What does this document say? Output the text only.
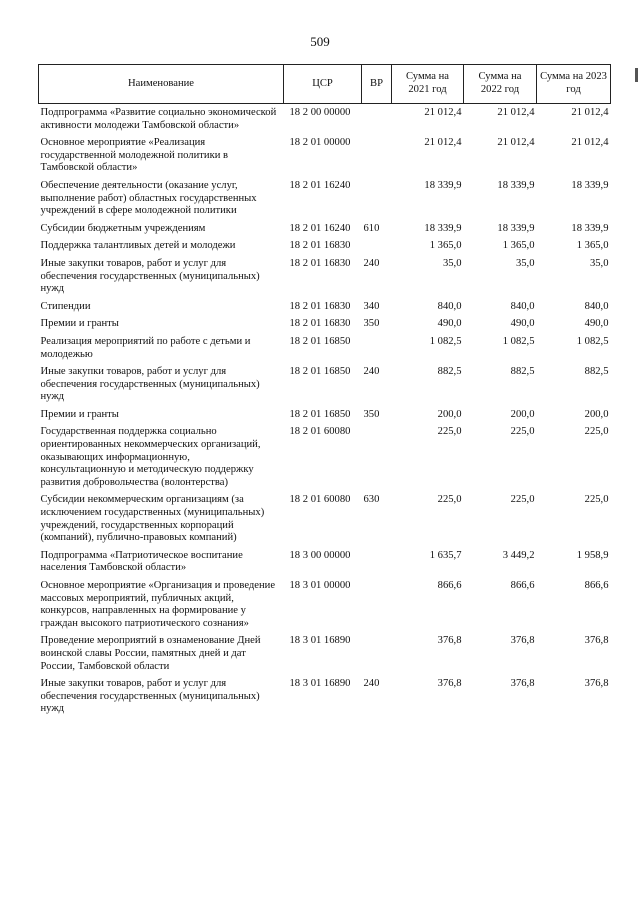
509
Наименование	ЦСР	ВР	Сумма на 2021 год	Сумма на 2022 год	Сумма на 2023 год
Подпрограмма «Развитие социально экономической активности молодежи Тамбовской области»	18 2 00 00000		21 012,4	21 012,4	21 012,4
Основное мероприятие «Реализация государственной молодежной политики в Тамбовской области»	18 2 01 00000		21 012,4	21 012,4	21 012,4
Обеспечение деятельности (оказание услуг, выполнение работ) областных государственных учреждений в сфере молодежной политики	18 2 01 16240		18 339,9	18 339,9	18 339,9
Субсидии бюджетным учреждениям	18 2 01 16240	610	18 339,9	18 339,9	18 339,9
Поддержка талантливых детей и молодежи	18 2 01 16830		1 365,0	1 365,0	1 365,0
Иные закупки товаров, работ и услуг для обеспечения государственных (муниципальных) нужд	18 2 01 16830	240	35,0	35,0	35,0
Стипендии	18 2 01 16830	340	840,0	840,0	840,0
Премии и гранты	18 2 01 16830	350	490,0	490,0	490,0
Реализация мероприятий по работе с детьми и молодежью	18 2 01 16850		1 082,5	1 082,5	1 082,5
Иные закупки товаров, работ и услуг для обеспечения государственных (муниципальных) нужд	18 2 01 16850	240	882,5	882,5	882,5
Премии и гранты	18 2 01 16850	350	200,0	200,0	200,0
Государственная поддержка социально ориентированных некоммерческих организаций, оказывающих информационную, консультационную и методическую поддержку развития добровольчества (волонтерства)	18 2 01 60080		225,0	225,0	225,0
Субсидии некоммерческим организациям (за исключением государственных (муниципальных) учреждений, государственных корпораций (компаний), публично-правовых компаний)	18 2 01 60080	630	225,0	225,0	225,0
Подпрограмма «Патриотическое воспитание населения Тамбовской области»	18 3 00 00000		1 635,7	3 449,2	1 958,9
Основное мероприятие «Организация и проведение массовых мероприятий, публичных акций, конкурсов, направленных на формирование у граждан высокого патриотического сознания»	18 3 01 00000		866,6	866,6	866,6
Проведение мероприятий в ознаменование Дней воинской славы России, памятных дней и дат России, Тамбовской области	18 3 01 16890		376,8	376,8	376,8
Иные закупки товаров, работ и услуг для обеспечения государственных (муниципальных) нужд	18 3 01 16890	240	376,8	376,8	376,8
